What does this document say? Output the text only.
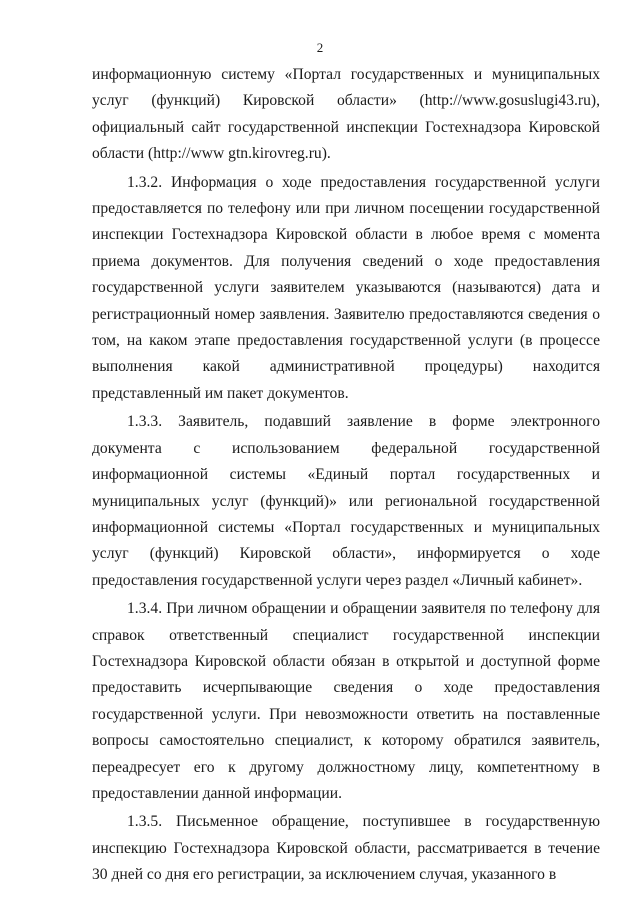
2

информационную систему «Портал государственных и муниципальных услуг (функций) Кировской области» (http://www.gosuslugi43.ru), официальный сайт государственной инспекции Гостехнадзора Кировской области (http://www gtn.kirovreg.ru).

1.3.2. Информация о ходе предоставления государственной услуги предоставляется по телефону или при личном посещении государственной инспекции Гостехнадзора Кировской области в любое время с момента приема документов. Для получения сведений о ходе предоставления государственной услуги заявителем указываются (называются) дата и регистрационный номер заявления. Заявителю предоставляются сведения о том, на каком этапе предоставления государственной услуги (в процессе выполнения какой административной процедуры) находится представленный им пакет документов.

1.3.3. Заявитель, подавший заявление в форме электронного документа с использованием федеральной государственной информационной системы «Единый портал государственных и муниципальных услуг (функций)» или региональной государственной информационной системы «Портал государственных и муниципальных услуг (функций) Кировской области», информируется о ходе предоставления государственной услуги через раздел «Личный кабинет».

1.3.4. При личном обращении и обращении заявителя по телефону для справок ответственный специалист государственной инспекции Гостехнадзора Кировской области обязан в открытой и доступной форме предоставить исчерпывающие сведения о ходе предоставления государственной услуги. При невозможности ответить на поставленные вопросы самостоятельно специалист, к которому обратился заявитель, переадресует его к другому должностному лицу, компетентному в предоставлении данной информации.

1.3.5. Письменное обращение, поступившее в государственную инспекцию Гостехнадзора Кировской области, рассматривается в течение 30 дней со дня его регистрации, за исключением случая, указанного в
